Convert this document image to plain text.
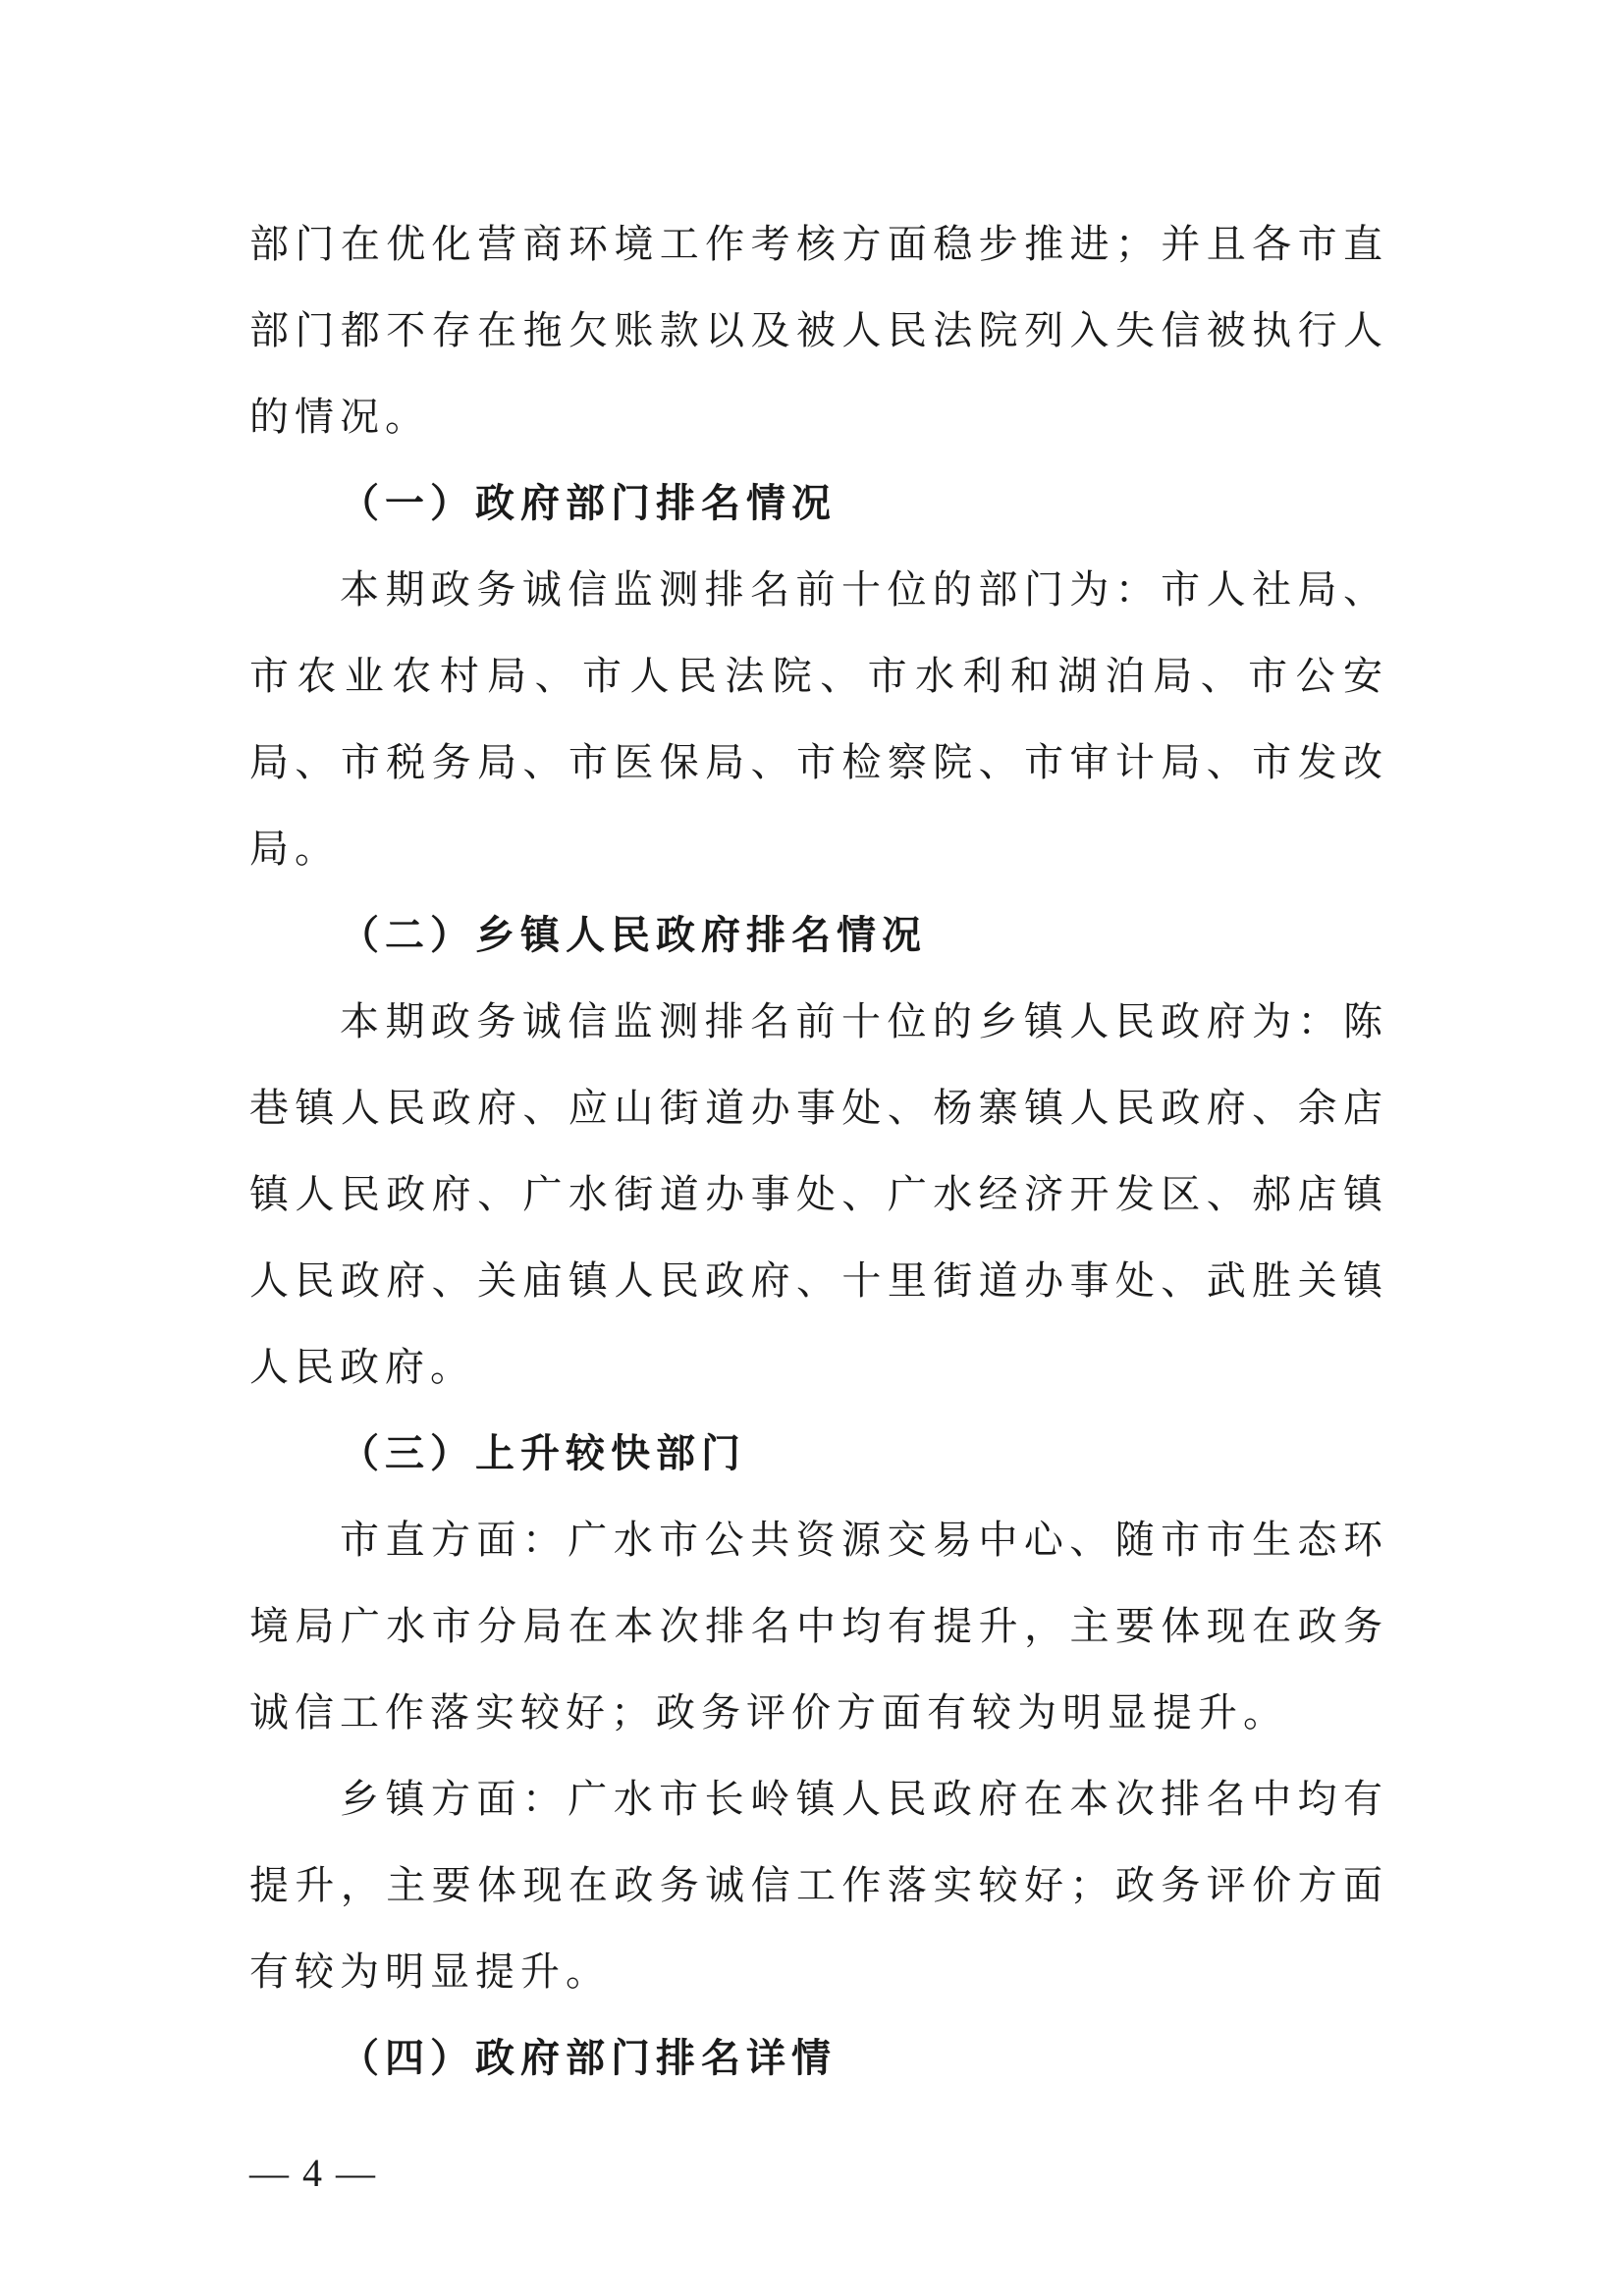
部门在优化营商环境工作考核方面稳步推进；并且各市直部门都不存在拖欠账款以及被人民法院列入失信被执行人的情况。

（一）政府部门排名情况

本期政务诚信监测排名前十位的部门为：市人社局、市农业农村局、市人民法院、市水利和湖泊局、市公安局、市税务局、市医保局、市检察院、市审计局、市发改局。

（二）乡镇人民政府排名情况

本期政务诚信监测排名前十位的乡镇人民政府为：陈巷镇人民政府、应山街道办事处、杨寨镇人民政府、余店镇人民政府、广水街道办事处、广水经济开发区、郝店镇人民政府、关庙镇人民政府、十里街道办事处、武胜关镇人民政府。

（三）上升较快部门

市直方面：广水市公共资源交易中心、随市市生态环境局广水市分局在本次排名中均有提升，主要体现在政务诚信工作落实较好；政务评价方面有较为明显提升。

乡镇方面：广水市长岭镇人民政府在本次排名中均有提升，主要体现在政务诚信工作落实较好；政务评价方面有较为明显提升。

（四）政府部门排名详情

— 4 —
